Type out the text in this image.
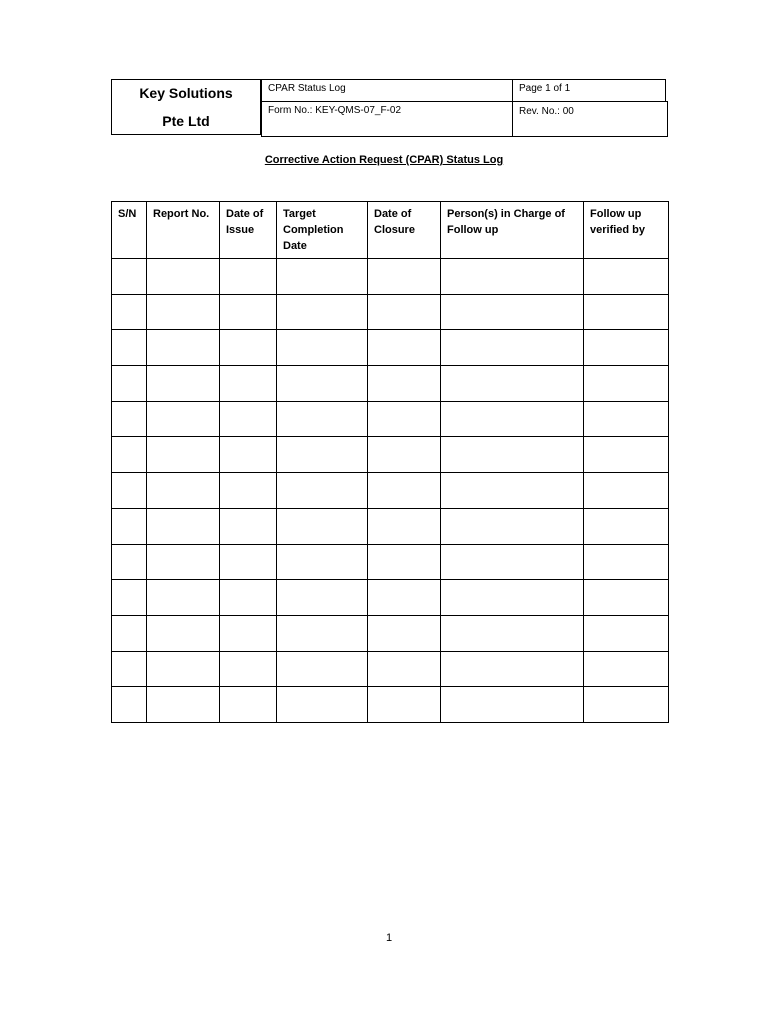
Key Solutions
Pte Ltd
CPAR Status Log	Page 1 of 1
Form No.: KEY-QMS-07_F-02	Rev. No.: 00
Corrective Action Request (CPAR) Status Log
S/N	Report No.	Date of Issue	Target Completion Date	Date of Closure	Person(s) in Charge of Follow up	Follow up verified by

1
